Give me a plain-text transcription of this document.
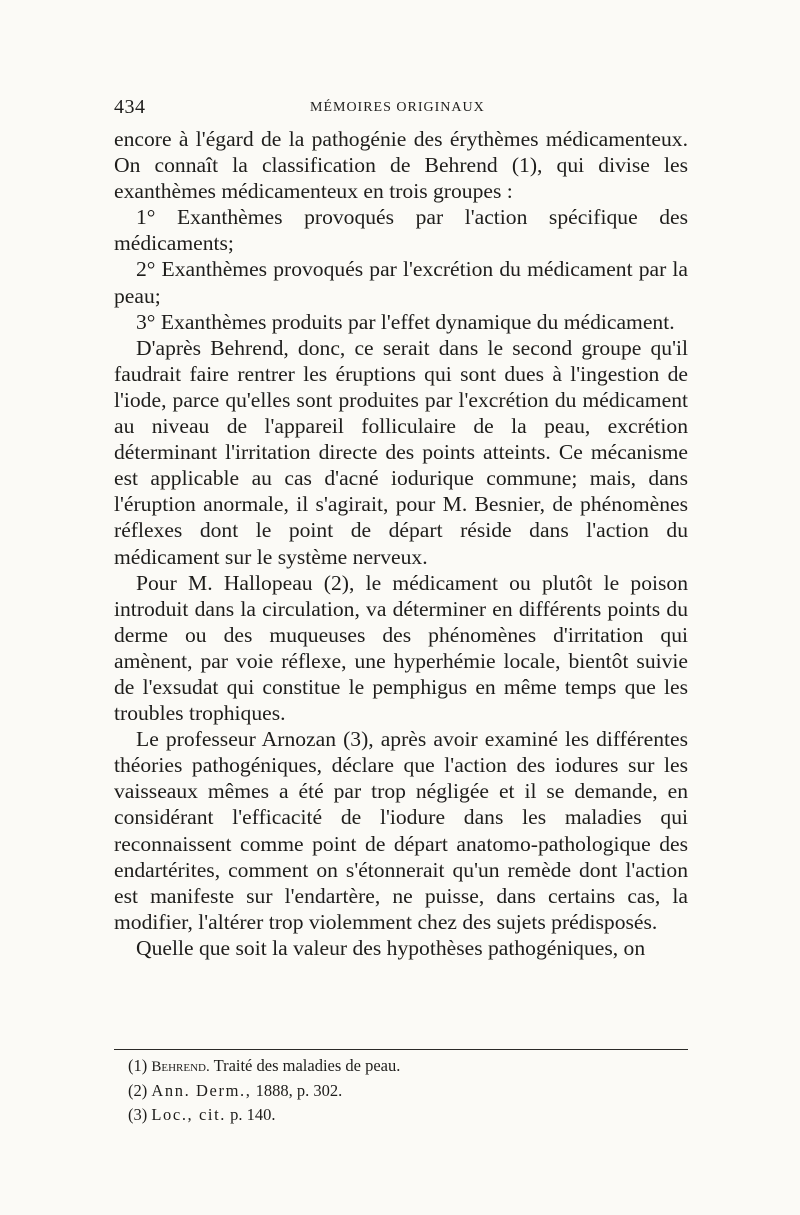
434	MÉMOIRES ORIGINAUX

encore à l'égard de la pathogénie des érythèmes médicamenteux. On connaît la classification de Behrend (1), qui divise les exanthèmes médicamenteux en trois groupes :

1° Exanthèmes provoqués par l'action spécifique des médicaments;

2° Exanthèmes provoqués par l'excrétion du médicament par la peau;

3° Exanthèmes produits par l'effet dynamique du médicament.

D'après Behrend, donc, ce serait dans le second groupe qu'il faudrait faire rentrer les éruptions qui sont dues à l'ingestion de l'iode, parce qu'elles sont produites par l'excrétion du médicament au niveau de l'appareil folliculaire de la peau, excrétion déterminant l'irritation directe des points atteints. Ce mécanisme est applicable au cas d'acné iodurique commune; mais, dans l'éruption anormale, il s'agirait, pour M. Besnier, de phénomènes réflexes dont le point de départ réside dans l'action du médicament sur le système nerveux.

Pour M. Hallopeau (2), le médicament ou plutôt le poison introduit dans la circulation, va déterminer en différents points du derme ou des muqueuses des phénomènes d'irritation qui amènent, par voie réflexe, une hyperhémie locale, bientôt suivie de l'exsudat qui constitue le pemphigus en même temps que les troubles trophiques.

Le professeur Arnozan (3), après avoir examiné les différentes théories pathogéniques, déclare que l'action des iodures sur les vaisseaux mêmes a été par trop négligée et il se demande, en considérant l'efficacité de l'iodure dans les maladies qui reconnaissent comme point de départ anatomo-pathologique des endartérites, comment on s'étonnerait qu'un remède dont l'action est manifeste sur l'endartère, ne puisse, dans certains cas, la modifier, l'altérer trop violemment chez des sujets prédisposés.

Quelle que soit la valeur des hypothèses pathogéniques, on

(1) Behrend. Traité des maladies de peau.

(2) Ann. Derm., 1888, p. 302.

(3) Loc., cit. p. 140.
